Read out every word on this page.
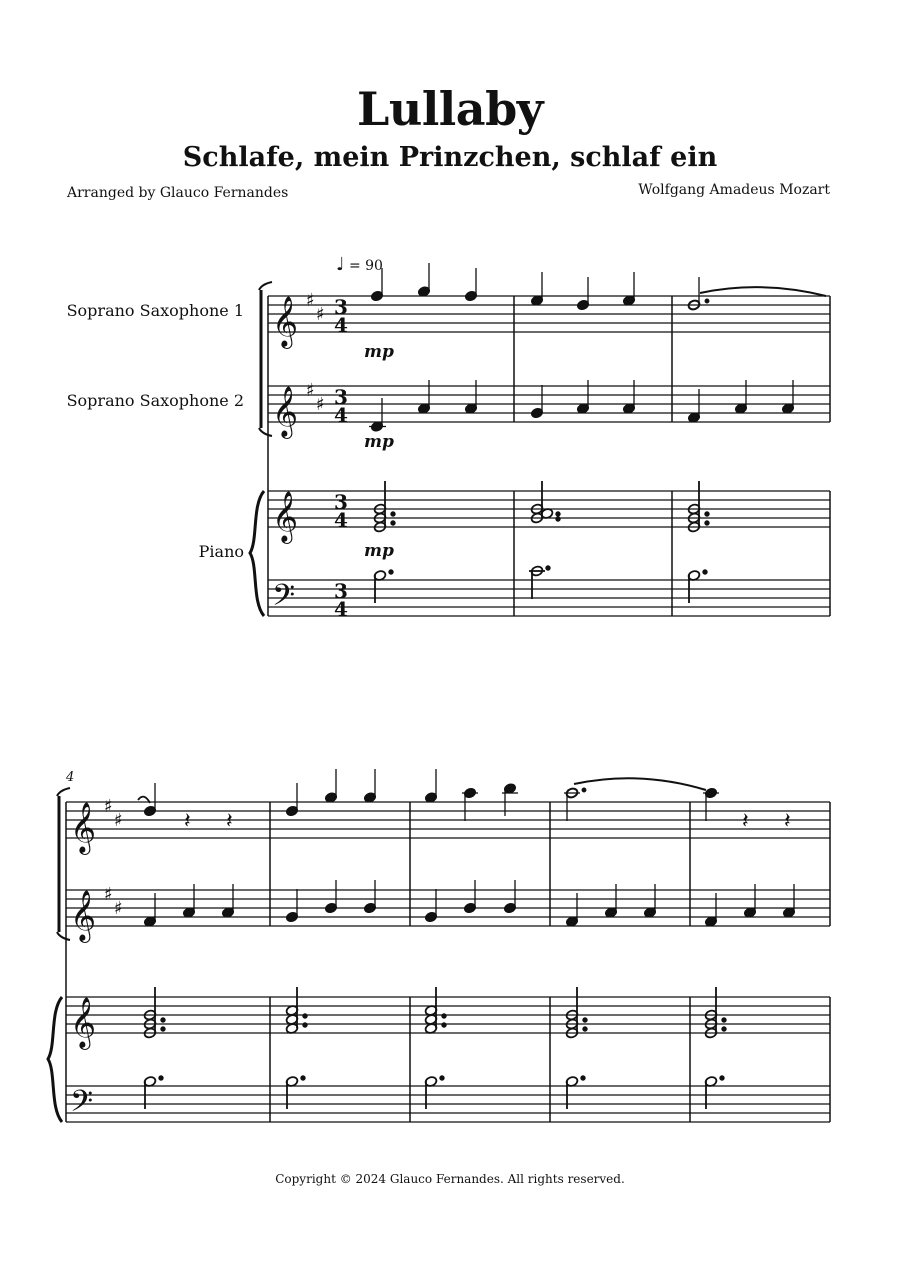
Lullaby
Schlafe, mein Prinzchen, schlaf ein
Arranged by Glauco Fernandes	Wolfgang Amadeus Mozart
♩ = 90
Soprano Saxophone 1
Soprano Saxophone 2
Piano
4
Copyright © 2024 Glauco Fernandes. All rights reserved.
𝄞
𝄞
𝄞
𝄢
♯
♯
♯
♯
3
4
3
4
3
4
3
4
mp
mp
mp
𝄞
𝄞
𝄞
𝄢
♯
♯
♯
♯
𝄽 𝄽	𝄽 𝄽
